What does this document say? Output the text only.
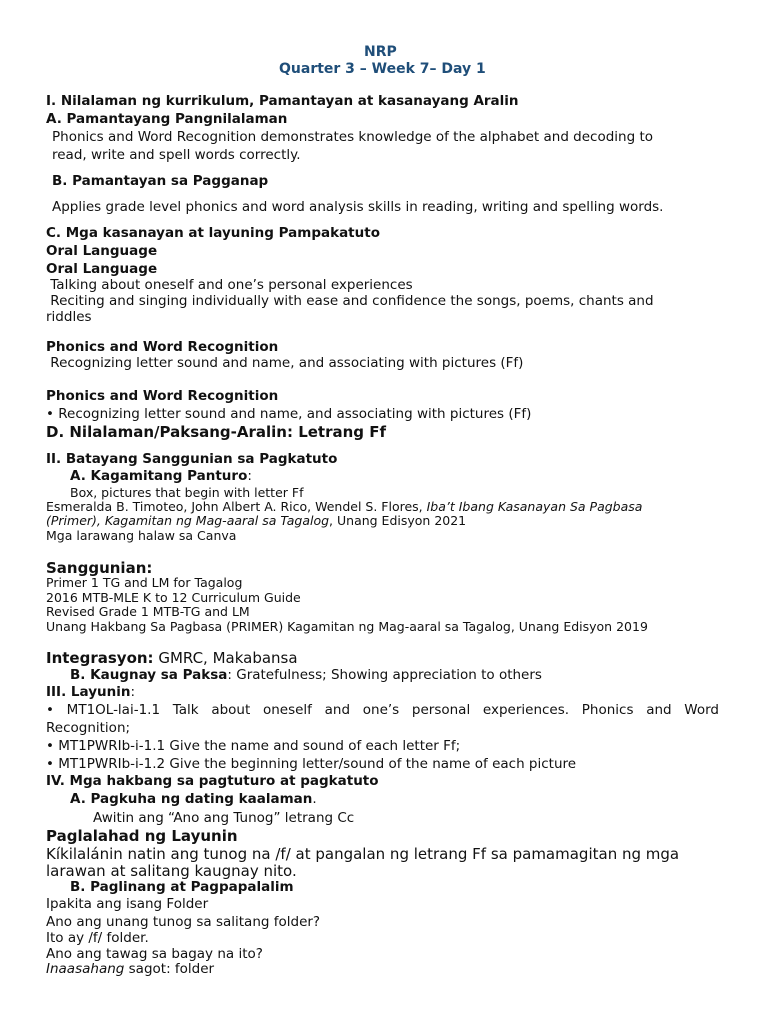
NRP
Quarter 3 – Week 7– Day 1
I. Nilalaman ng kurrikulum, Pamantayan at kasanayang Aralin
A. Pamantayang Pangnilalaman
Phonics and Word Recognition demonstrates knowledge of the alphabet and decoding to
read, write and spell words correctly.
B. Pamantayan sa Pagganap
Applies grade level phonics and word analysis skills in reading, writing and spelling words.
C. Mga kasanayan at layuning Pampakatuto
Oral Language
Oral Language
Talking about oneself and one’s personal experiences
Reciting and singing individually with ease and confidence the songs, poems, chants and
riddles
Phonics and Word Recognition
Recognizing letter sound and name, and associating with pictures (Ff)
Phonics and Word Recognition
• Recognizing letter sound and name, and associating with pictures (Ff)
D. Nilalaman/Paksang-Aralin: Letrang Ff
II. Batayang Sanggunian sa Pagkatuto
A. Kagamitang Panturo:
Box, pictures that begin with letter Ff
Esmeralda B. Timoteo, John Albert A. Rico, Wendel S. Flores, Iba’t Ibang Kasanayan Sa Pagbasa
(Primer), Kagamitan ng Mag-aaral sa Tagalog, Unang Edisyon 2021
Mga larawang halaw sa Canva
Sanggunian:
Primer 1 TG and LM for Tagalog
2016 MTB-MLE K to 12 Curriculum Guide
Revised Grade 1 MTB-TG and LM
Unang Hakbang Sa Pagbasa (PRIMER) Kagamitan ng Mag-aaral sa Tagalog, Unang Edisyon 2019
Integrasyon: GMRC, Makabansa
B. Kaugnay sa Paksa: Gratefulness; Showing appreciation to others
III. Layunin:
• MT1OL-lai-1.1 Talk about oneself and one’s personal experiences. Phonics and Word
Recognition;
• MT1PWRIb-i-1.1 Give the name and sound of each letter Ff;
• MT1PWRIb-i-1.2 Give the beginning letter/sound of the name of each picture
IV. Mga hakbang sa pagtuturo at pagkatuto
A. Pagkuha ng dating kaalaman.
Awitin ang “Ano ang Tunog” letrang Cc
Paglalahad ng Layunin
Kíkilalánin natin ang tunog na /f/ at pangalan ng letrang Ff sa pamamagitan ng mga
larawan at salitang kaugnay nito.
B. Paglinang at Pagpapalalim
Ipakita ang isang Folder
Ano ang unang tunog sa salitang folder?
Ito ay /f/ folder.
Ano ang tawag sa bagay na ito?
Inaasahang sagot: folder
